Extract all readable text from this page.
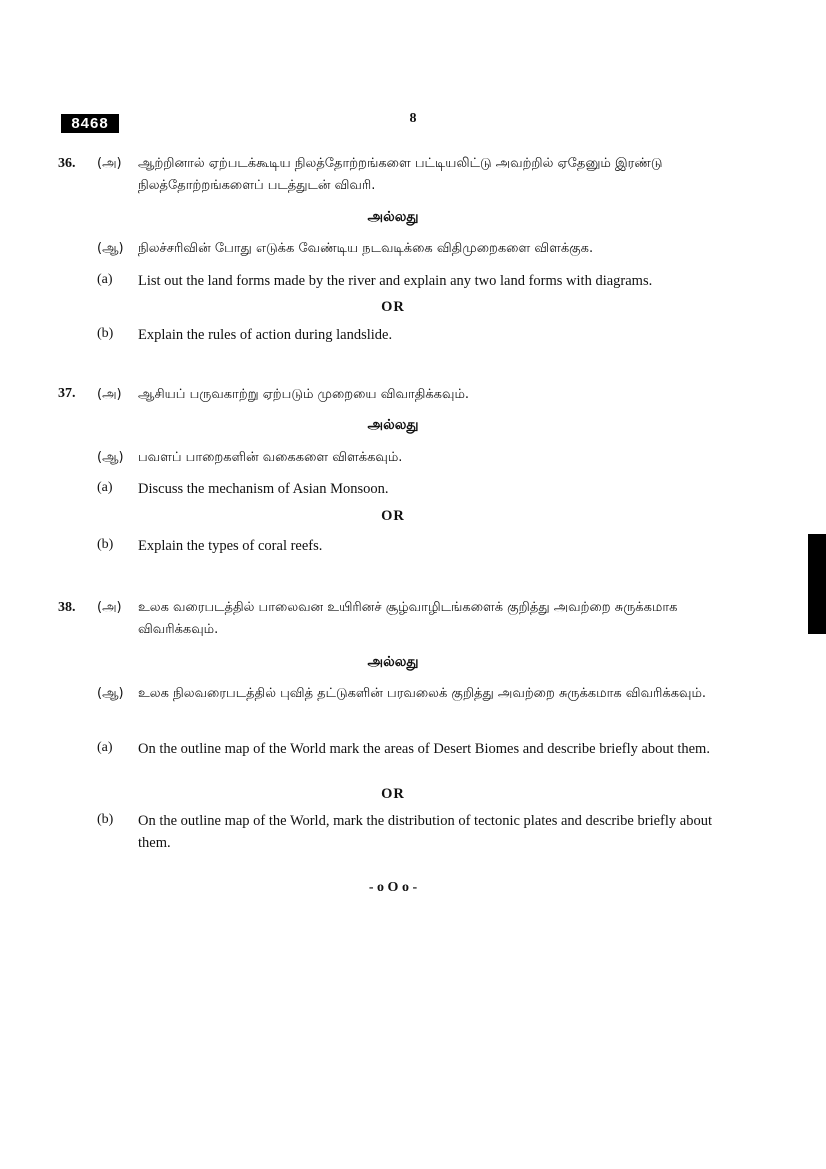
8468	8
36. (அ) ஆற்றினால் ஏற்படக்கூடிய நிலத்தோற்றங்களை பட்டியலிட்டு அவற்றில் ஏதேனும் இரண்டு நிலத்தோற்றங்களைப் படத்துடன் விவரி.
அல்லது
(ஆ) நிலச்சரிவின் போது எடுக்க வேண்டிய நடவடிக்கை விதிமுறைகளை விளக்குக.
(a) List out the land forms made by the river and explain any two land forms with diagrams.
OR
(b) Explain the rules of action during landslide.
37. (அ) ஆசியப் பருவகாற்று ஏற்படும் முறையை விவாதிக்கவும்.
அல்லது
(ஆ) பவளப் பாறைகளின் வகைகளை விளக்கவும்.
(a) Discuss the mechanism of Asian Monsoon.
OR
(b) Explain the types of coral reefs.
38. (அ) உலக வரைபடத்தில் பாலைவன உயிரினச் சூழ்வாழிடங்களைக் குறித்து அவற்றை சுருக்கமாக விவரிக்கவும்.
அல்லது
(ஆ) உலக நிலவரைபடத்தில் புவித் தட்டுகளின் பரவலைக் குறித்து அவற்றை சுருக்கமாக விவரிக்கவும்.
(a) On the outline map of the World mark the areas of Desert Biomes and describe briefly about them.
OR
(b) On the outline map of the World, mark the distribution of tectonic plates and describe briefly about them.
- o O o -
